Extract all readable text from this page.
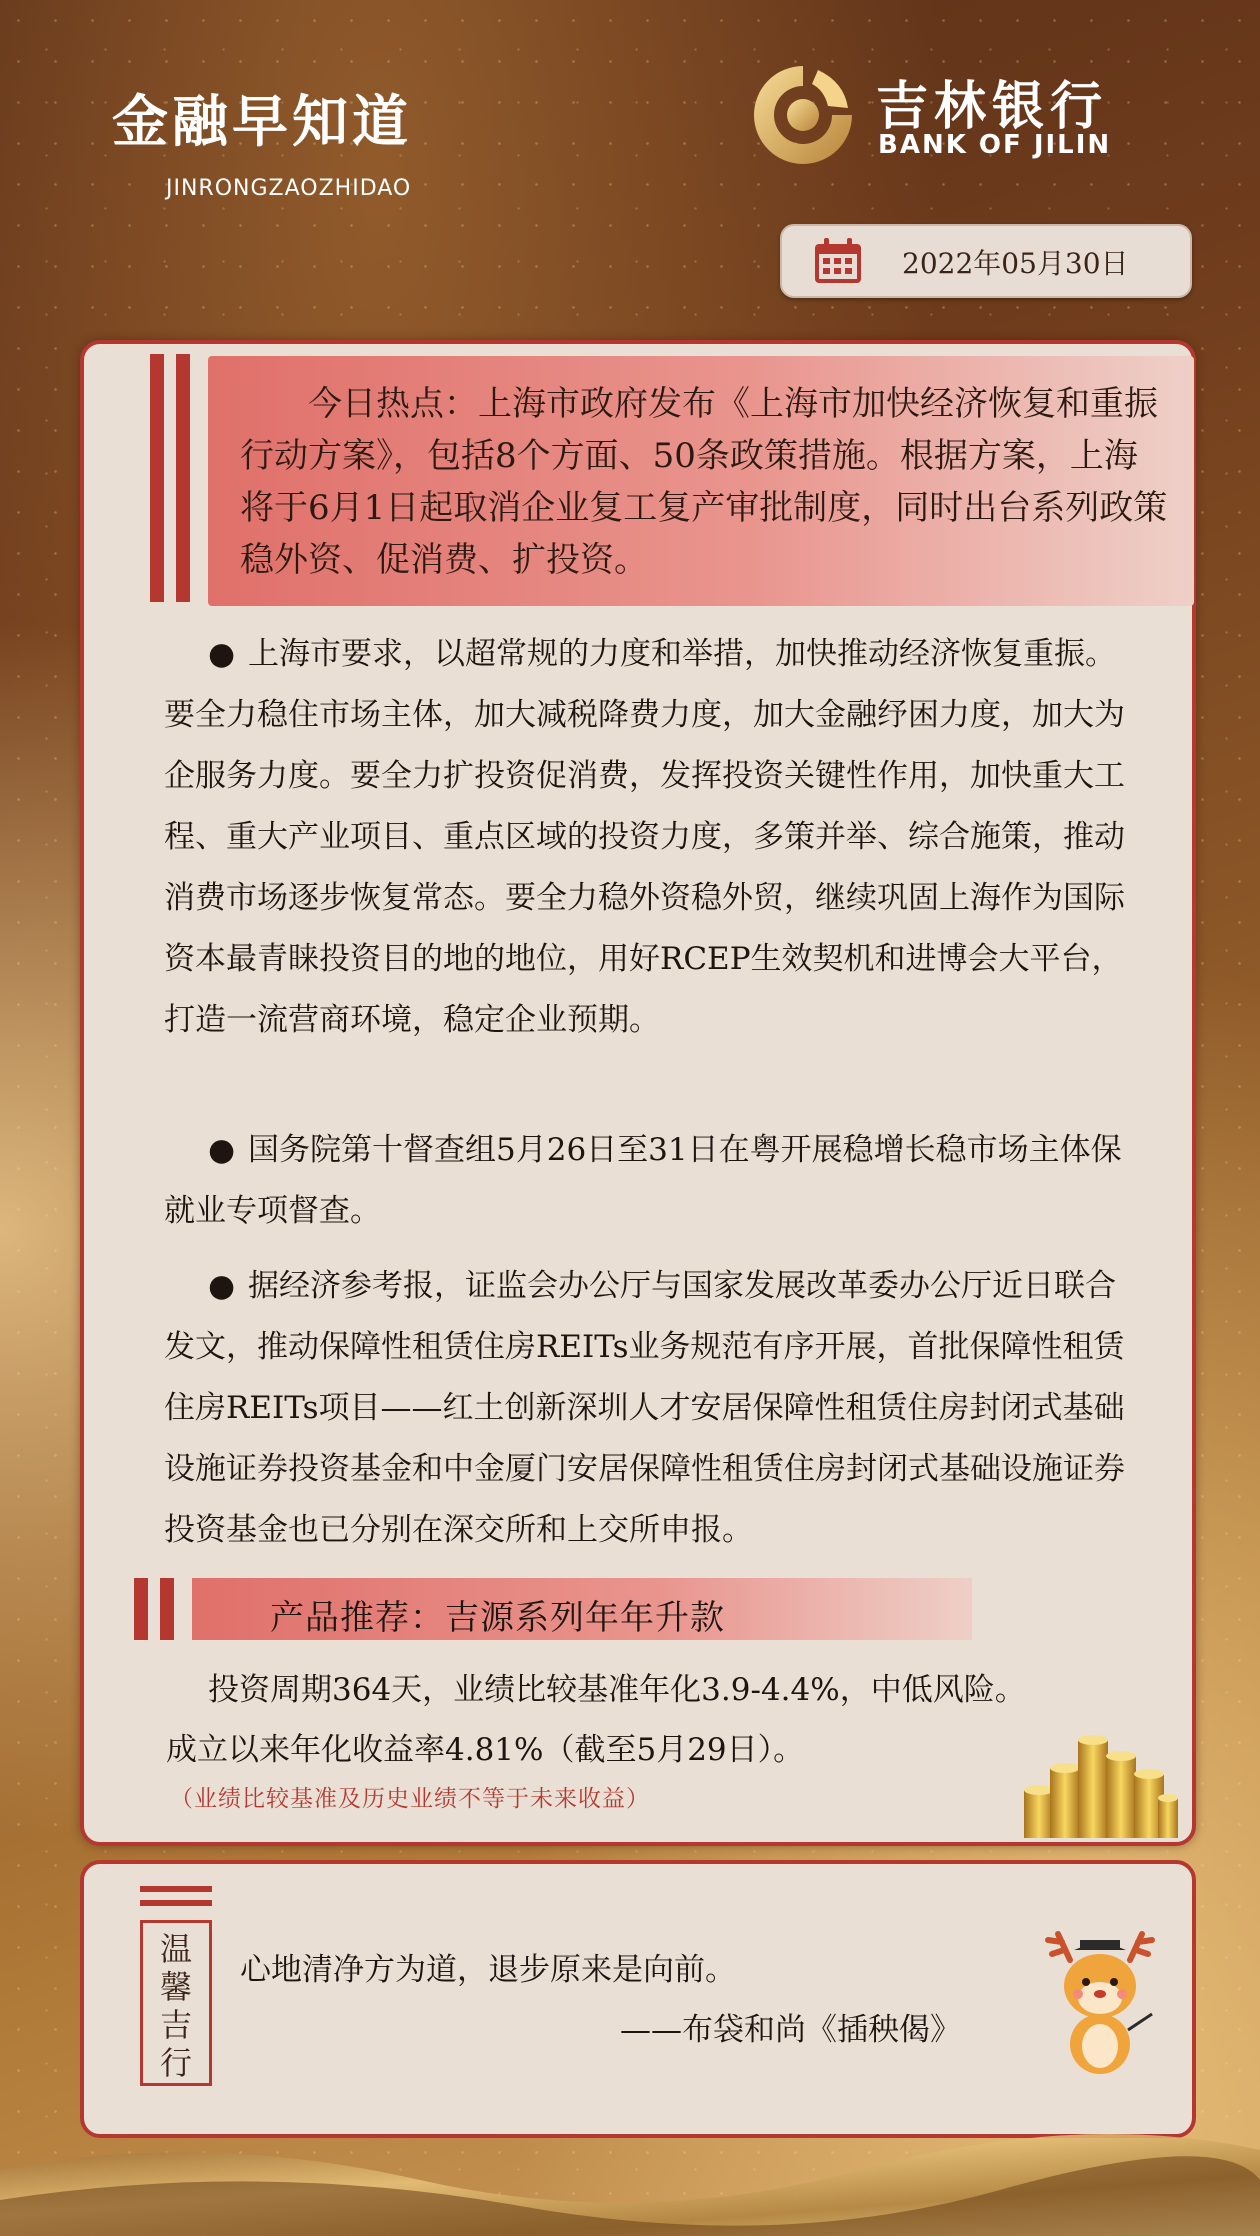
金融早知道
JINRONGZAOZHIDAO
吉林银行
BANK OF JILIN
2022年05月30日

今日热点：上海市政府发布《上海市加快经济恢复和重振行动方案》，包括8个方面、50条政策措施。根据方案，上海将于6月1日起取消企业复工复产审批制度，同时出台系列政策稳外资、促消费、扩投资。

● 上海市要求，以超常规的力度和举措，加快推动经济恢复重振。要全力稳住市场主体，加大减税降费力度，加大金融纾困力度，加大为企服务力度。要全力扩投资促消费，发挥投资关键性作用，加快重大工程、重大产业项目、重点区域的投资力度，多策并举、综合施策，推动消费市场逐步恢复常态。要全力稳外资稳外贸，继续巩固上海作为国际资本最青睐投资目的地的地位，用好RCEP生效契机和进博会大平台，打造一流营商环境，稳定企业预期。

● 国务院第十督查组5月26日至31日在粤开展稳增长稳市场主体保就业专项督查。

● 据经济参考报，证监会办公厅与国家发展改革委办公厅近日联合发文，推动保障性租赁住房REITs业务规范有序开展，首批保障性租赁住房REITs项目——红土创新深圳人才安居保障性租赁住房封闭式基础设施证券投资基金和中金厦门安居保障性租赁住房封闭式基础设施证券投资基金也已分别在深交所和上交所申报。

产品推荐：吉源系列年年升款
投资周期364天，业绩比较基准年化3.9-4.4%，中低风险。
成立以来年化收益率4.81%（截至5月29日）。
（业绩比较基准及历史业绩不等于未来收益）
温馨吉行
心地清净方为道，退步原来是向前。
——布袋和尚《插秧偈》
